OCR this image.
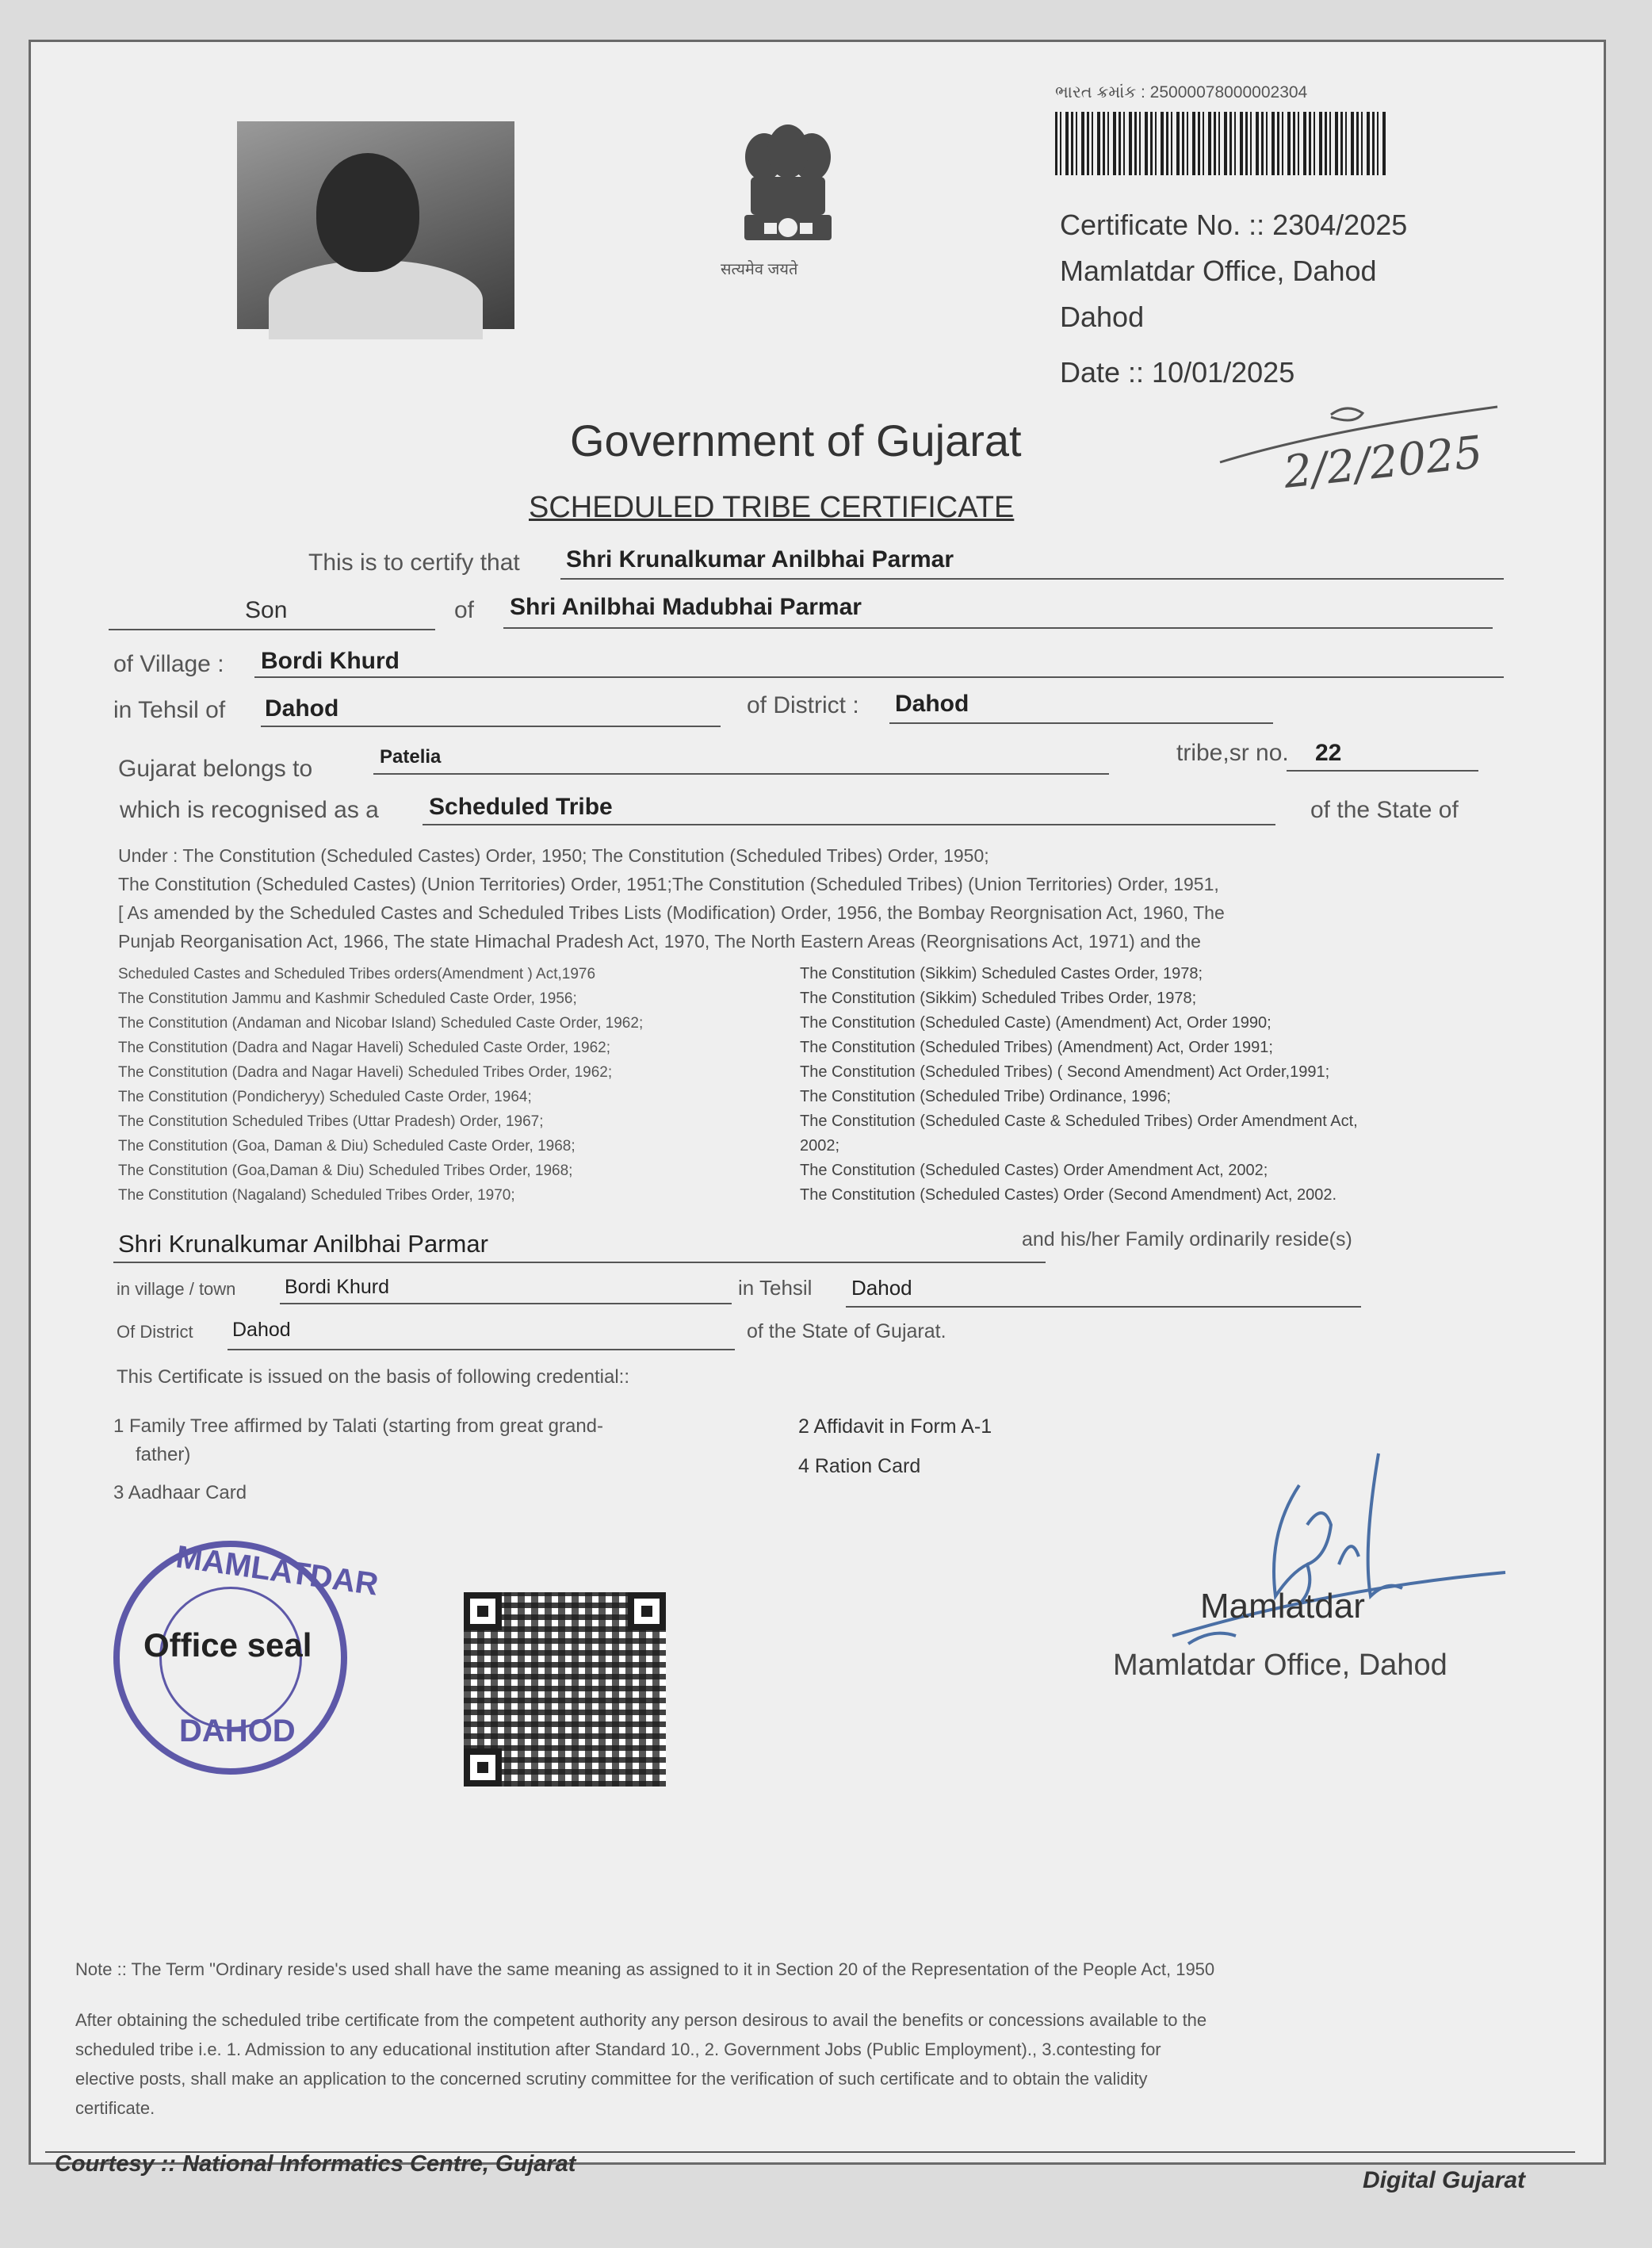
सत्यमेव जयते
ભારત ક્રમાંક : 25000078000002304
Certificate No. :: 2304/2025
Mamlatdar Office, Dahod
Dahod
Date :: 10/01/2025
2/2/2025
Government of Gujarat
SCHEDULED TRIBE CERTIFICATE
This is to certify that Shri Krunalkumar Anilbhai Parmar
Son	of Shri Anilbhai Madubhai Parmar
of Village : Bordi Khurd
in Tehsil of Dahod	of District : Dahod
Gujarat belongs to	Patelia	tribe,sr no. 22
which is recognised as a Scheduled Tribe	of the State of
Under : The Constitution (Scheduled Castes) Order, 1950; The Constitution (Scheduled Tribes) Order, 1950;
The Constitution (Scheduled Castes) (Union Territories) Order, 1951;The Constitution (Scheduled Tribes) (Union Territories) Order, 1951,
[ As amended by the Scheduled Castes and Scheduled Tribes Lists (Modification) Order, 1956, the Bombay Reorgnisation Act, 1960, The
Punjab Reorganisation Act, 1966, The state Himachal Pradesh Act, 1970, The North Eastern Areas (Reorgnisations Act, 1971) and the
Scheduled Castes and Scheduled Tribes orders(Amendment ) Act,1976
The Constitution Jammu and Kashmir Scheduled Caste Order, 1956;
The Constitution (Andaman and Nicobar Island) Scheduled Caste Order, 1962;
The Constitution (Dadra and Nagar Haveli) Scheduled Caste Order, 1962;
The Constitution (Dadra and Nagar Haveli) Scheduled Tribes Order, 1962;
The Constitution (Pondicheryy) Scheduled Caste Order, 1964;
The Constitution Scheduled Tribes (Uttar Pradesh) Order, 1967;
The Constitution (Goa, Daman & Diu) Scheduled Caste Order, 1968;
The Constitution (Goa,Daman & Diu) Scheduled Tribes Order, 1968;
The Constitution (Nagaland) Scheduled Tribes Order, 1970;
The Constitution (Sikkim) Scheduled Castes Order, 1978;
The Constitution (Sikkim) Scheduled Tribes Order, 1978;
The Constitution (Scheduled Caste) (Amendment) Act, Order 1990;
The Constitution (Scheduled Tribes) (Amendment) Act, Order 1991;
The Constitution (Scheduled Tribes) ( Second Amendment) Act Order,1991;
The Constitution (Scheduled Tribe) Ordinance, 1996;
The Constitution (Scheduled Caste & Scheduled Tribes) Order Amendment Act,
2002;
The Constitution (Scheduled Castes) Order Amendment Act, 2002;
The Constitution (Scheduled Castes) Order (Second Amendment) Act, 2002.
Shri Krunalkumar Anilbhai Parmar	and his/her Family ordinarily reside(s)
in village / town Bordi Khurd	in Tehsil Dahod
Of District Dahod	of the State of Gujarat.
This Certificate is issued on the basis of following credential::
1 Family Tree affirmed by Talati (starting from great grand-
father)
3 Aadhaar Card
2 Affidavit in Form A-1
4 Ration Card
MAMLATDAR
DAHOD
Office seal
Mamlatdar
Mamlatdar Office, Dahod
Note :: The Term "Ordinary reside's used shall have the same meaning as assigned to it in Section 20 of the Representation of the People Act, 1950
After obtaining the scheduled tribe certificate from the competent authority any person desirous to avail the benefits or concessions available to the
scheduled tribe i.e. 1. Admission to any educational institution after Standard 10., 2. Government Jobs (Public Employment)., 3.contesting for
elective posts, shall make an application to the concerned scrutiny committee for the verification of such certificate and to obtain the validity
certificate.
Courtesy :: National Informatics Centre, Gujarat
Digital Gujarat
